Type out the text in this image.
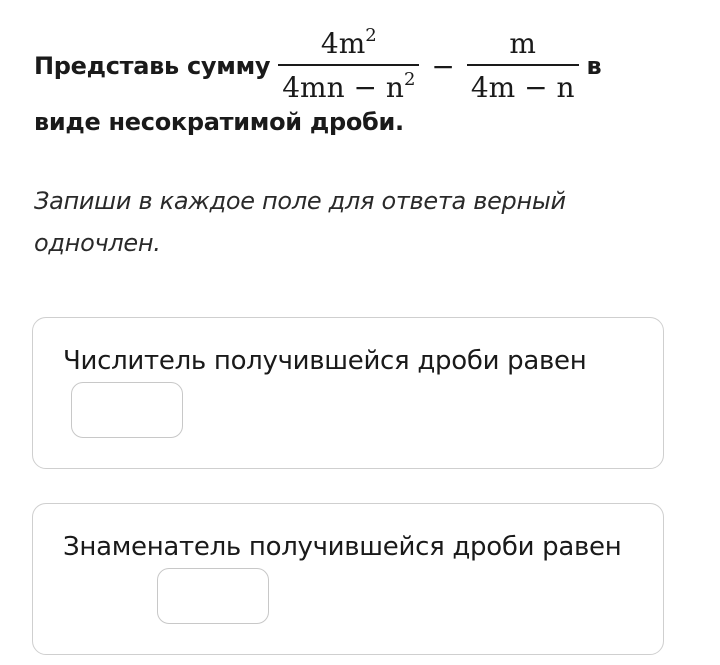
Представь сумму $\frac{4m^2}{4mn - n^2} - \frac{m}{4m - n}$ в
виде несократимой дроби.
Запиши в каждое поле для ответа верный одночлен.
Числитель получившейся дроби равен
Знаменатель получившейся дроби равен
